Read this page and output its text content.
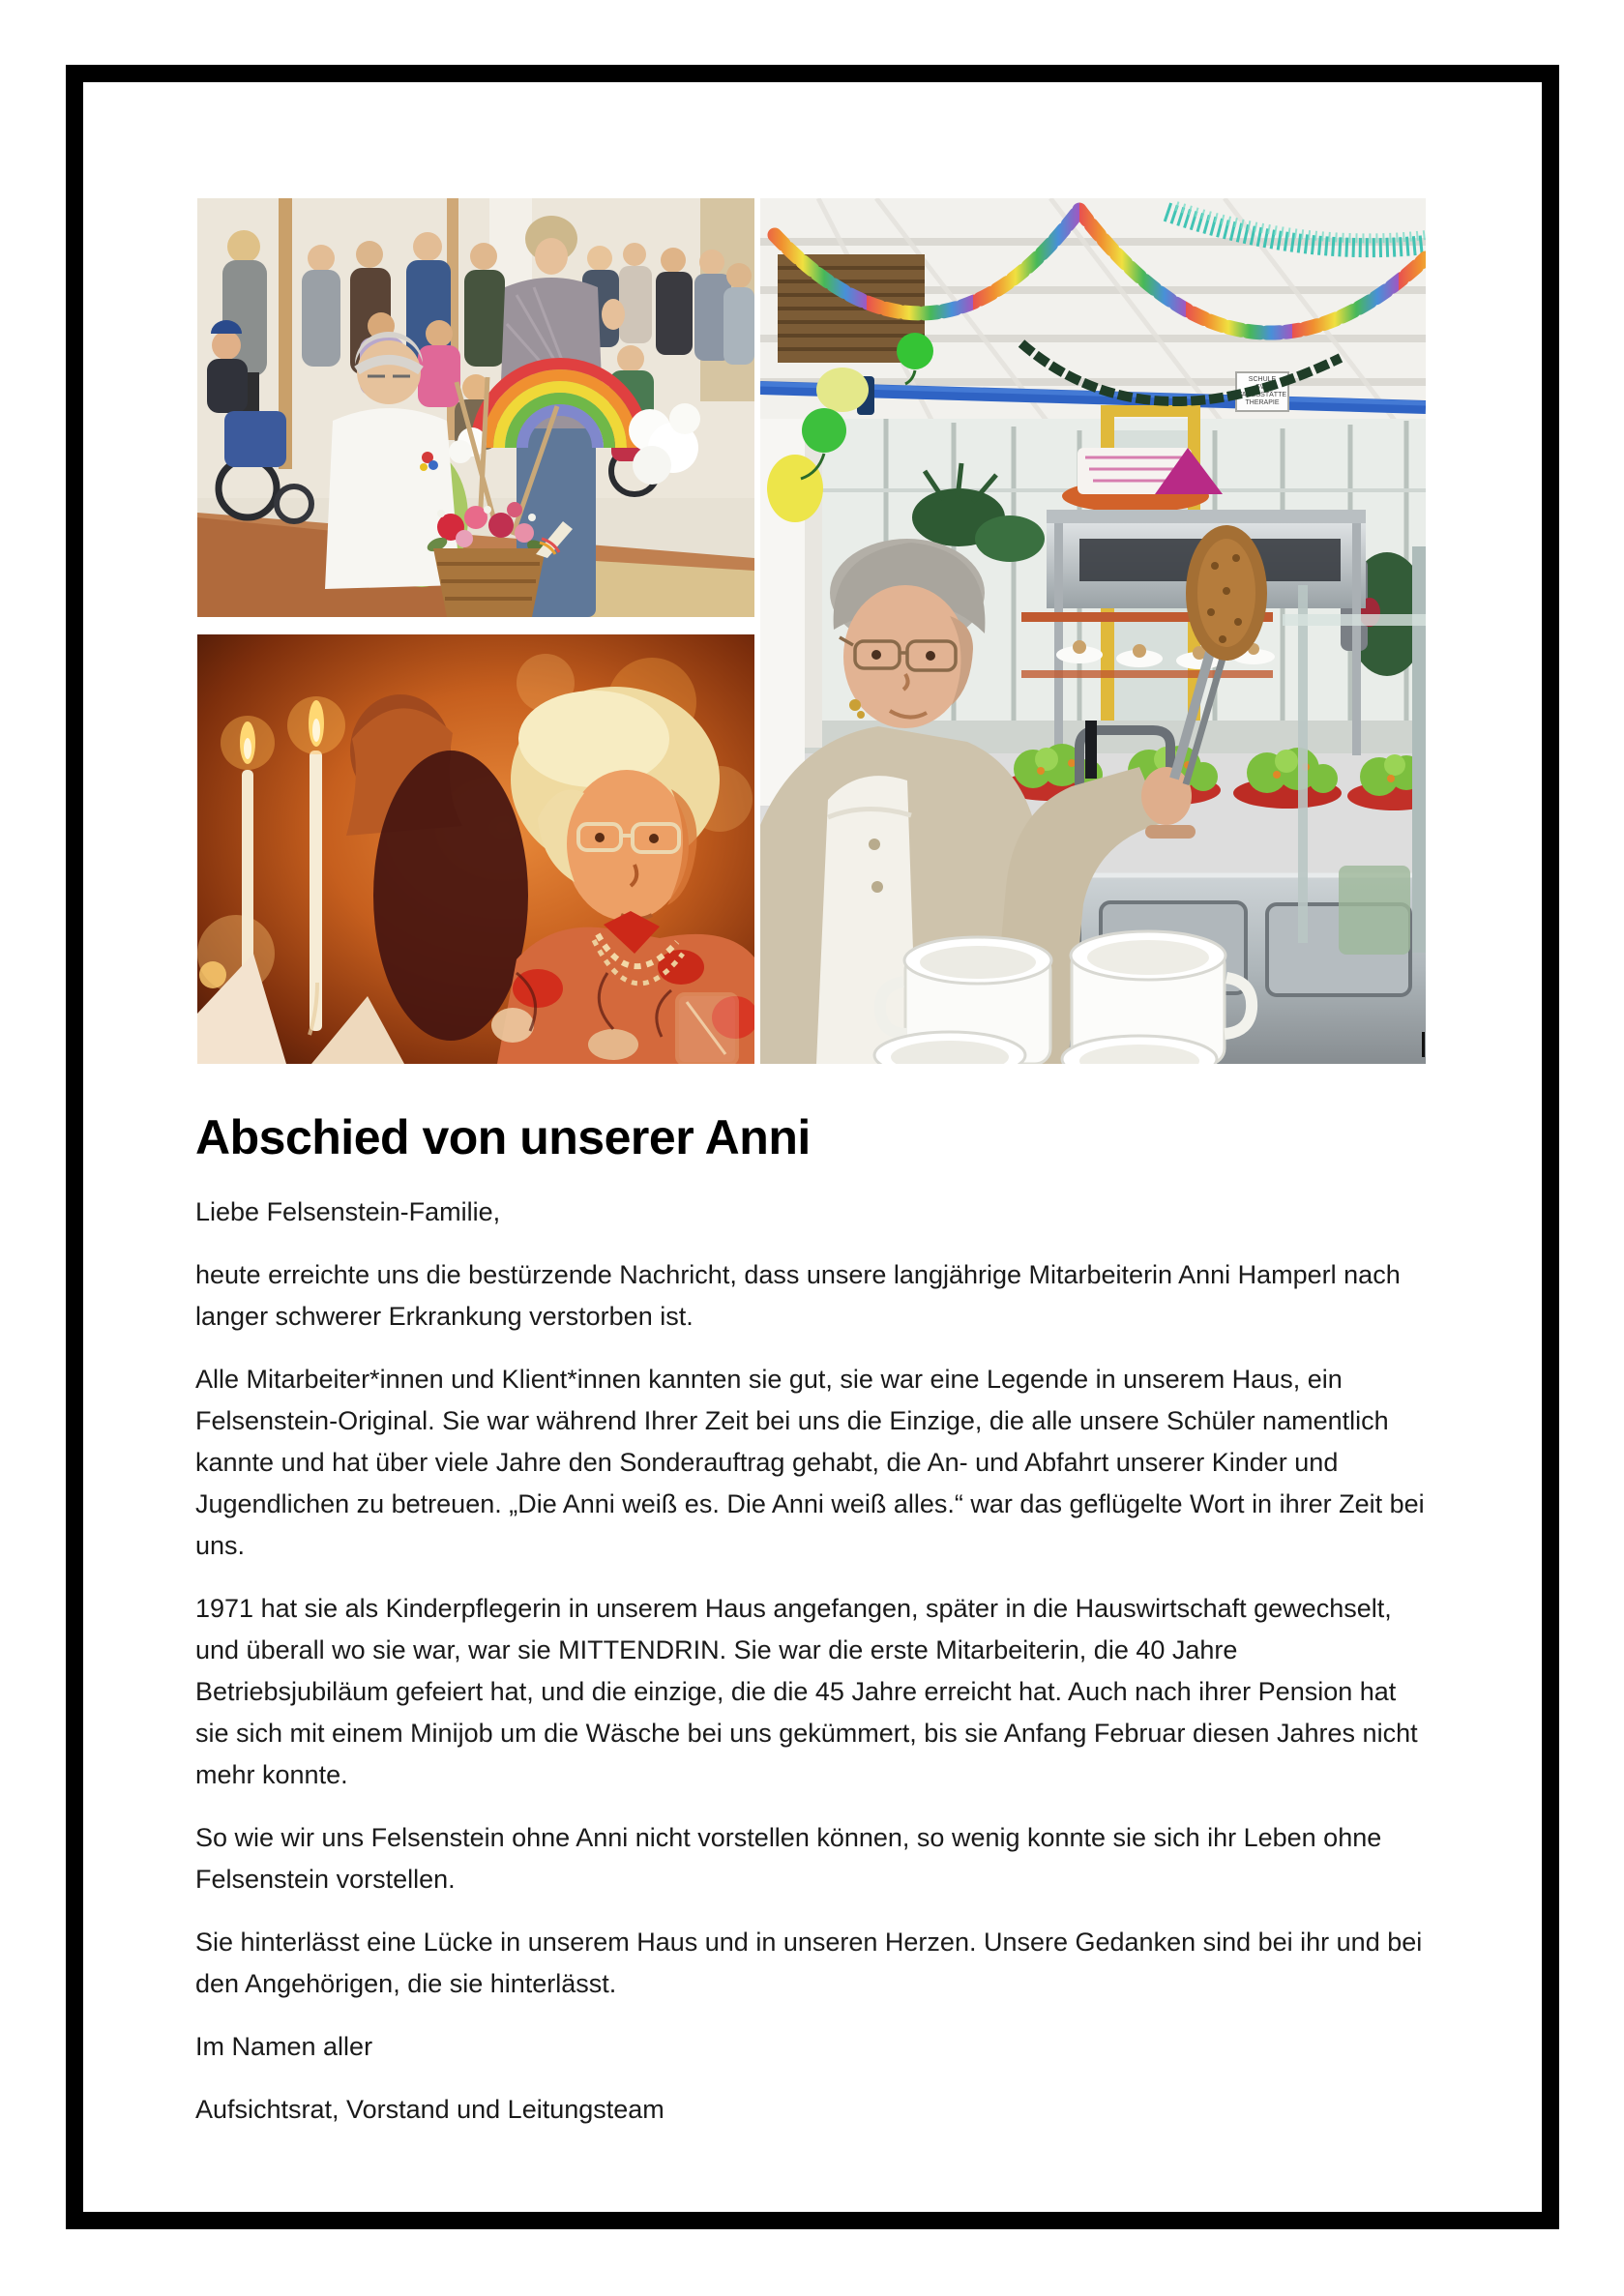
SCHULE
SVE
TAGESSTÄTTE
THERAPIE
Abschied von unserer Anni

Liebe Felsenstein-Familie,

heute erreichte uns die bestürzende Nachricht, dass unsere langjährige Mitarbeiterin Anni Hamperl nach langer schwerer Erkrankung verstorben ist.

Alle Mitarbeiter*innen und Klient*innen kannten sie gut, sie war eine Legende in unserem Haus, ein Felsenstein-Original. Sie war während Ihrer Zeit bei uns die Einzige, die alle unsere Schüler namentlich kannte und hat über viele Jahre den Sonderauftrag gehabt, die An- und Abfahrt unserer Kinder und Jugendlichen zu betreuen. „Die Anni weiß es. Die Anni weiß alles.“ war das geflügelte Wort in ihrer Zeit bei uns.

1971 hat sie als Kinderpflegerin in unserem Haus angefangen, später in die Hauswirtschaft gewechselt, und überall wo sie war, war sie MITTENDRIN. Sie war die erste Mitarbeiterin, die 40 Jahre Betriebsjubiläum gefeiert hat, und die einzige, die die 45 Jahre erreicht hat. Auch nach ihrer Pension hat sie sich mit einem Minijob um die Wäsche bei uns gekümmert, bis sie Anfang Februar diesen Jahres nicht mehr konnte.

So wie wir uns Felsenstein ohne Anni nicht vorstellen können, so wenig konnte sie sich ihr Leben ohne Felsenstein vorstellen.

Sie hinterlässt eine Lücke in unserem Haus und in unseren Herzen. Unsere Gedanken sind bei ihr und bei den Angehörigen, die sie hinterlässt.

Im Namen aller

Aufsichtsrat, Vorstand und Leitungsteam
